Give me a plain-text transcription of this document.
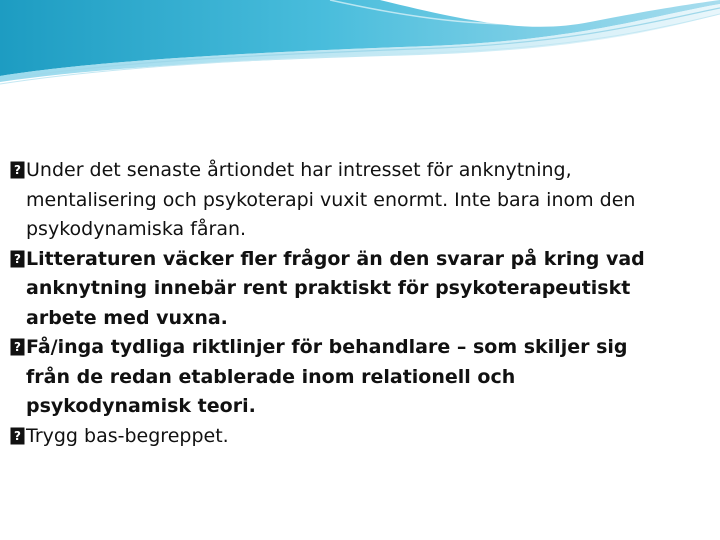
? Under det senaste årtiondet har intresset för anknytning, mentalisering och psykoterapi vuxit enormt. Inte bara inom den psykodynamiska fåran.
? Litteraturen väcker fler frågor än den svarar på kring vad anknytning innebär rent praktiskt för psykoterapeutiskt arbete med vuxna.
? Få/inga tydliga riktlinjer för behandlare – som skiljer sig från de redan etablerade inom relationell och psykodynamisk teori.
? Trygg bas-begreppet.
